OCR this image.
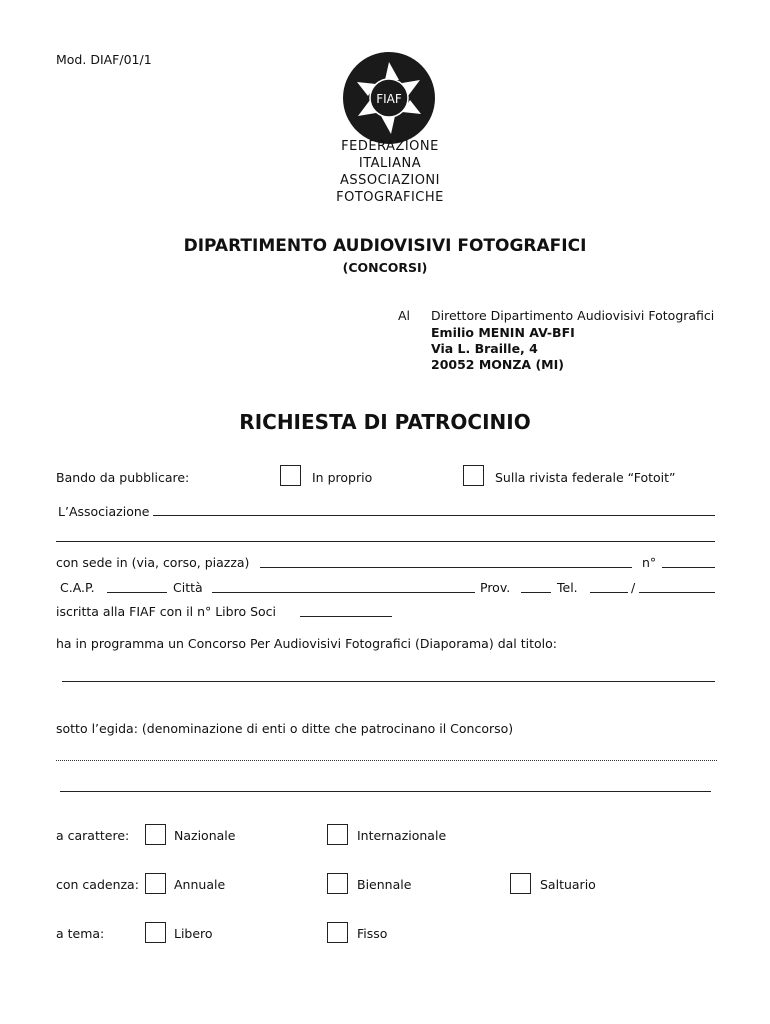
Mod. DIAF/01/1
FIAF
FEDERAZIONE
ITALIANA
ASSOCIAZIONI
FOTOGRAFICHE
DIPARTIMENTO AUDIOVISIVI FOTOGRAFICI
(CONCORSI)
Al Direttore Dipartimento Audiovisivi Fotografici
Emilio MENIN AV-BFI
Via L. Braille, 4
20052 MONZA (MI)
RICHIESTA DI PATROCINIO
Bando da pubblicare:	In proprio	Sulla rivista federale “Fotoit”
L’Associazione
con sede in (via, corso, piazza)	n°
C.A.P.	Città	Prov.	Tel.	/
iscritta alla FIAF con il n° Libro Soci
ha in programma un Concorso Per Audiovisivi Fotografici (Diaporama) dal titolo:
sotto l’egida: (denominazione di enti o ditte che patrocinano il Concorso)
a carattere:	Nazionale	Internazionale
con cadenza:	Annuale	Biennale	Saltuario
a tema:	Libero	Fisso
